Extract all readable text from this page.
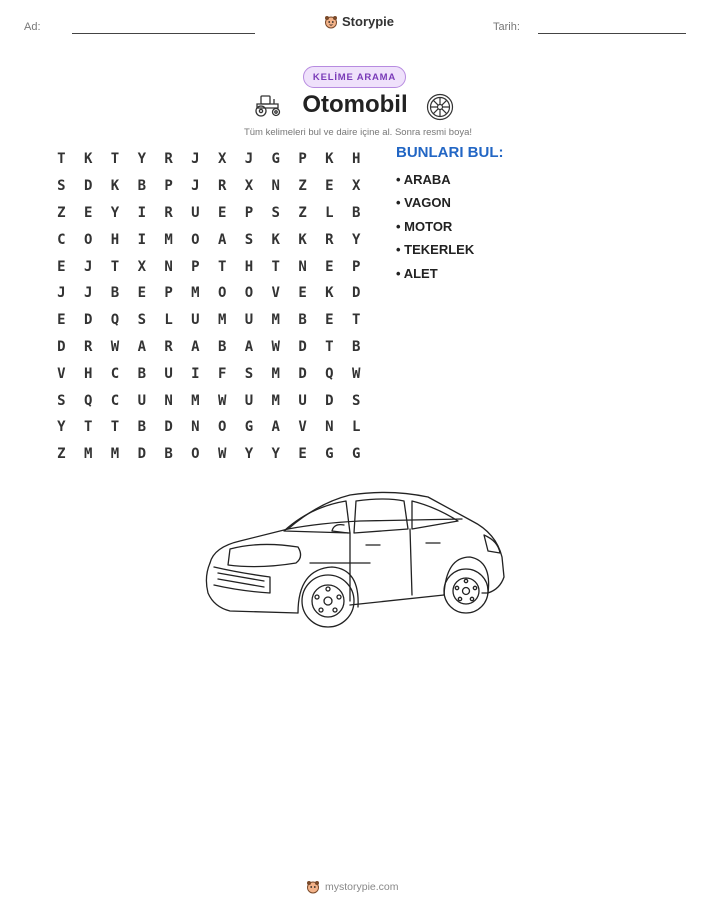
Ad:	Storypie	Tarih:
KELİME ARAMA
Otomobil
Tüm kelimeleri bul ve daire içine al. Sonra resmi boya!
T	K	T	Y	R	J	X	J	G	P	K	H
S	D	K	B	P	J	R	X	N	Z	E	X
Z	E	Y	I	R	U	E	P	S	Z	L	B
C	O	H	I	M	O	A	S	K	K	R	Y
E	J	T	X	N	P	T	H	T	N	E	P
J	J	B	E	P	M	O	O	V	E	K	D
E	D	Q	S	L	U	M	U	M	B	E	T
D	R	W	A	R	A	B	A	W	D	T	B
V	H	C	B	U	I	F	S	M	D	Q	W
S	Q	C	U	N	M	W	U	M	U	D	S
Y	T	T	B	D	N	O	G	A	V	N	L
Z	M	M	D	B	O	W	Y	Y	E	G	G
BUNLARI BUL:
• ARABA
• VAGON
• MOTOR
• TEKERLEK
• ALET
mystorypie.com
